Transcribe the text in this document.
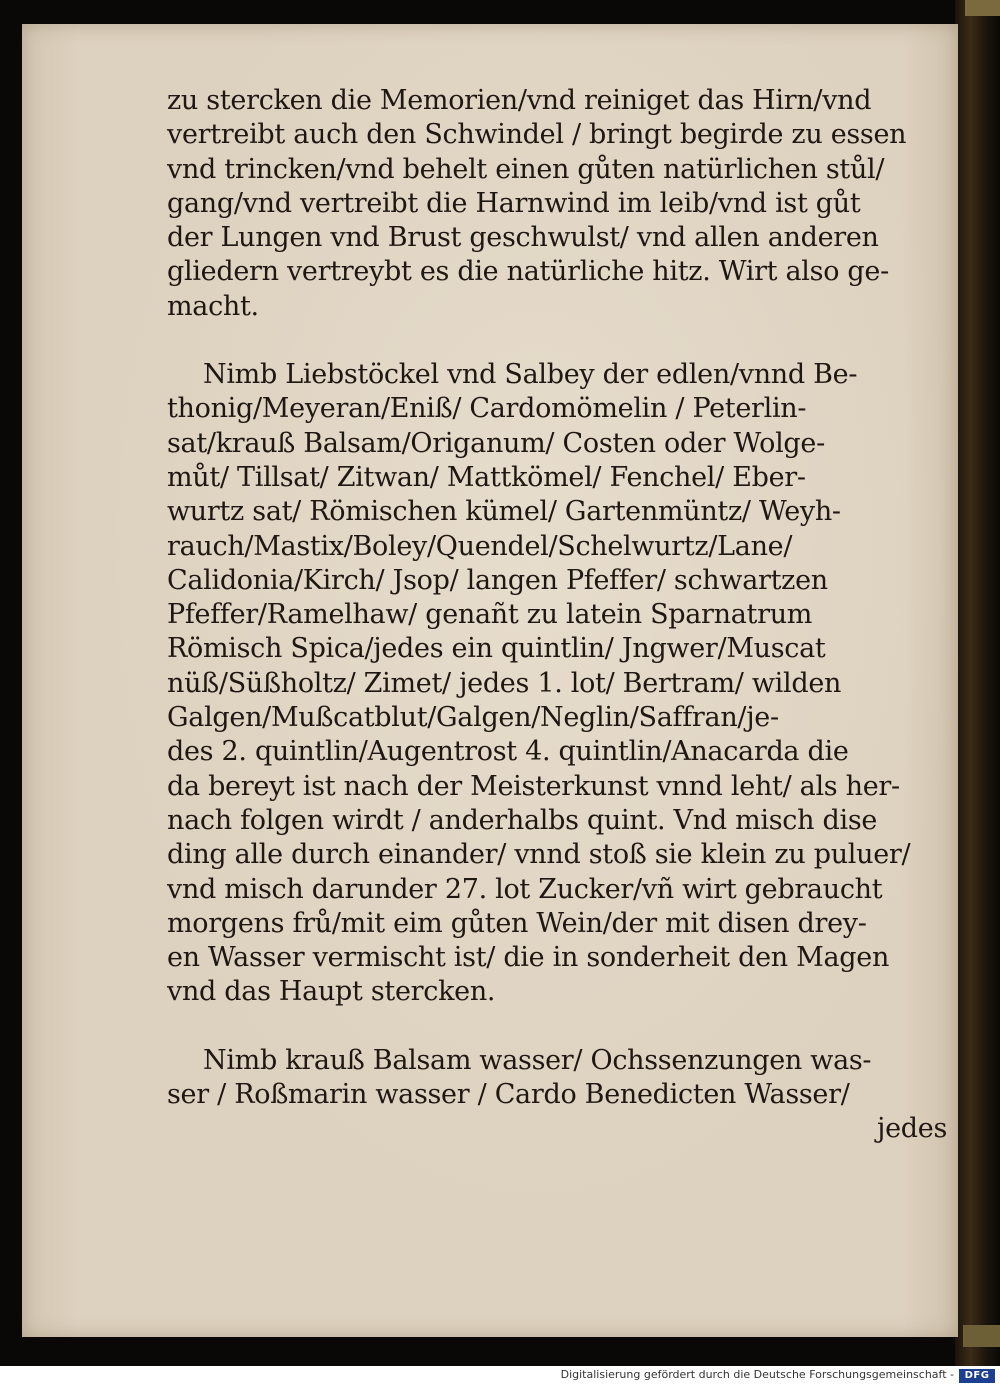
zu stercken die Memorien/vnd reiniget das Hirn/vnd
vertreibt auch den Schwindel / bringt begirde zu essen
vnd trincken/vnd behelt einen gůten natürlichen stůl/
gang/vnd vertreibt die Harnwind im leib/vnd ist gůt
der Lungen vnd Brust geschwulst/ vnd allen anderen
gliedern vertreybt es die natürliche hitz. Wirt also ge-
macht.
Nimb Liebstöckel vnd Salbey der edlen/vnnd Be-
thonig/Meyeran/Eniß/ Cardomömelin / Peterlin-
sat/krauß Balsam/Origanum/ Costen oder Wolge-
můt/ Tillsat/ Zitwan/ Mattkömel/ Fenchel/ Eber-
wurtz sat/ Römischen kümel/ Gartenmüntz/ Weyh-
rauch/Mastix/Boley/Quendel/Schelwurtz/Lane/
Calidonia/Kirch/ Jsop/ langen Pfeffer/ schwartzen
Pfeffer/Ramelhaw/ genañt zu latein Sparnatrum
Römisch Spica/jedes ein quintlin/ Jngwer/Muscat
nüß/Süßholtz/ Zimet/ jedes 1. lot/ Bertram/ wilden
Galgen/Mußcatblut/Galgen/Neglin/Saffran/je-
des 2. quintlin/Augentrost 4. quintlin/Anacarda die
da bereyt ist nach der Meisterkunst vnnd leht/ als her-
nach folgen wirdt / anderhalbs quint. Vnd misch dise
ding alle durch einander/ vnnd stoß sie klein zu puluer/
vnd misch darunder 27. lot Zucker/vñ wirt gebraucht
morgens frů/mit eim gůten Wein/der mit disen drey-
en Wasser vermischt ist/ die in sonderheit den Magen
vnd das Haupt stercken.
Nimb krauß Balsam wasser/ Ochssenzungen was-
ser / Roßmarin wasser / Cardo Benedicten Wasser/
jedes
Digitalisierung gefördert durch die Deutsche Forschungsgemeinschaft -	DFG
